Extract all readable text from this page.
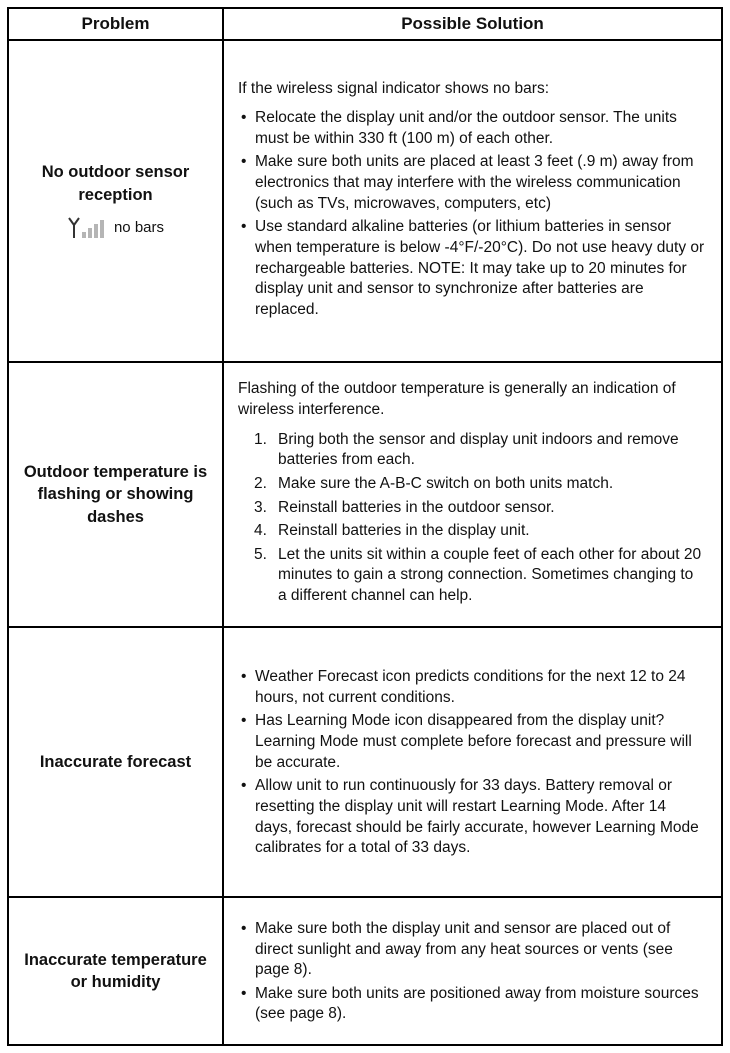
Problem	Possible Solution
No outdoor sensor reception
no bars

If the wireless signal indicator shows no bars:

• Relocate the display unit and/or the outdoor sensor. The units must be within 330 ft (100 m) of each other.
• Make sure both units are placed at least 3 feet (.9 m) away from electronics that may interfere with the wireless communication (such as TVs, microwaves, computers, etc)
• Use standard alkaline batteries (or lithium batteries in sensor when temperature is below -4°F/-20°C). Do not use heavy duty or rechargeable batteries. NOTE: It may take up to 20 minutes for display unit and sensor to synchronize after batteries are replaced.
Outdoor temperature is flashing or showing dashes

Flashing of the outdoor temperature is generally an indication of wireless interference.

Bring both the sensor and display unit indoors and remove batteries from each.
Make sure the A-B-C switch on both units match.
Reinstall batteries in the outdoor sensor.
Reinstall batteries in the display unit.
Let the units sit within a couple feet of each other for about 20 minutes to gain a strong connection. Sometimes changing to a different channel can help.
Inaccurate forecast
• Weather Forecast icon predicts conditions for the next 12 to 24 hours, not current conditions.
• Has Learning Mode icon disappeared from the display unit? Learning Mode must complete before forecast and pressure will be accurate.
• Allow unit to run continuously for 33 days. Battery removal or resetting the display unit will restart Learning Mode. After 14 days, forecast should be fairly accurate, however Learning Mode calibrates for a total of 33 days.
Inaccurate temperature or humidity
• Make sure both the display unit and sensor are placed out of direct sunlight and away from any heat sources or vents (see page 8).
• Make sure both units are positioned away from moisture sources (see page 8).
